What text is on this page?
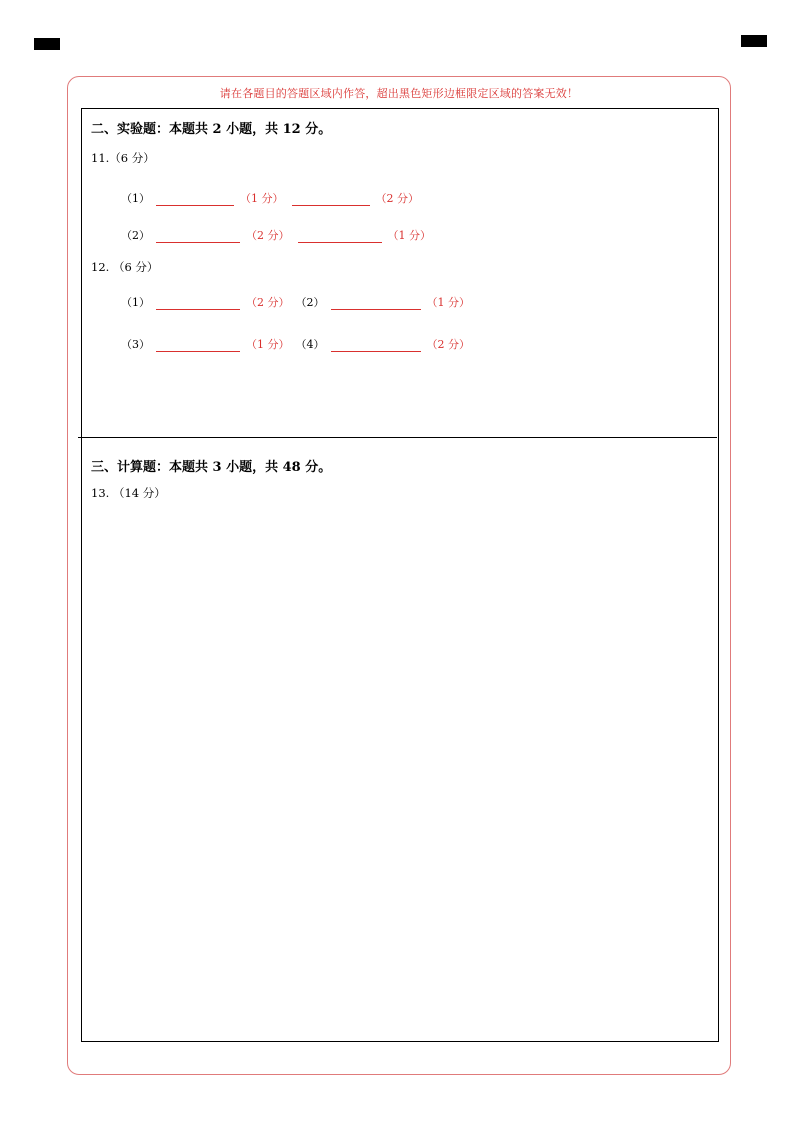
请在各题目的答题区域内作答，超出黑色矩形边框限定区域的答案无效！
二、实验题：本题共 2 小题，共 12 分。
11.（6 分）
（1）	（1 分）	（2 分）
（2）	（2 分）	（1 分）
12. （6 分）
（1）	（2 分） （2）	（1 分）
（3）	（1 分） （4）	（2 分）
三、计算题：本题共 3 小题，共 48 分。
13. （14 分）
